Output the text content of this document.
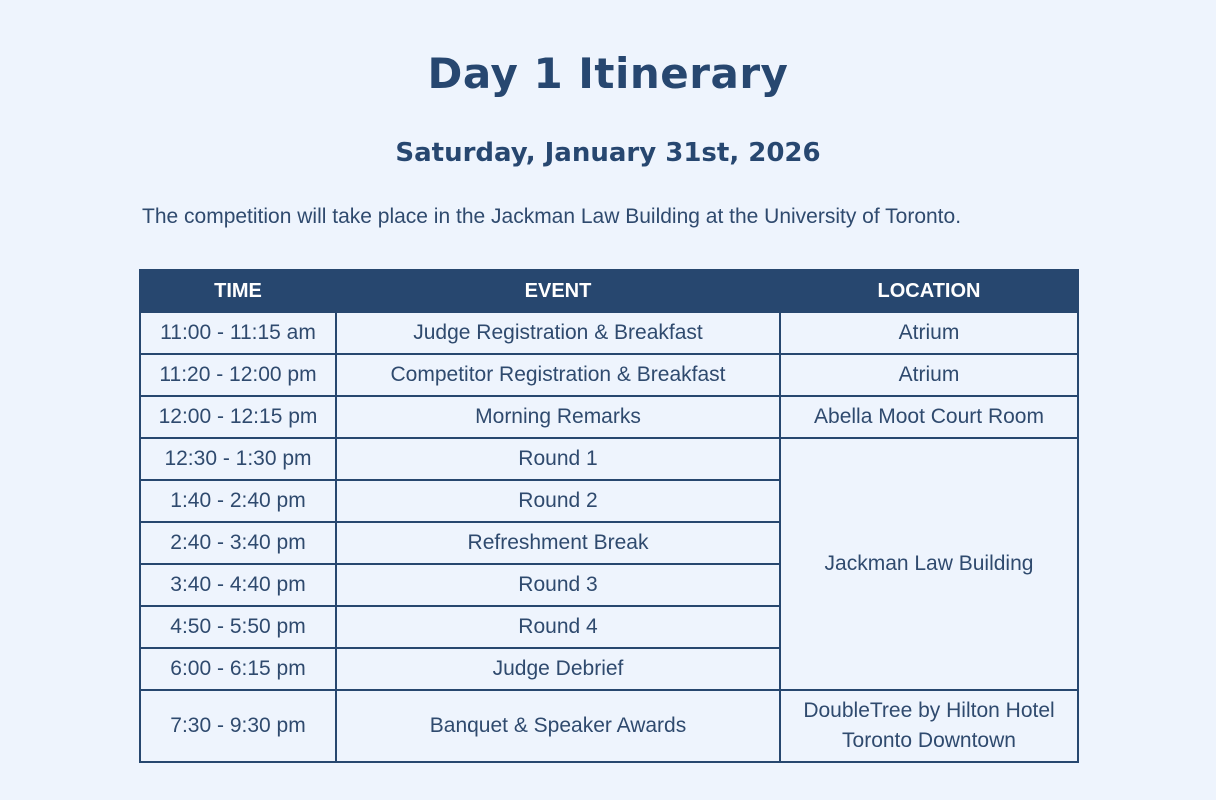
Day 1 Itinerary
Saturday, January 31st, 2026

The competition will take place in the Jackman Law Building at the University of Toronto.

TIME	EVENT	LOCATION
11:00 - 11:15 am	Judge Registration & Breakfast	Atrium
11:20 - 12:00 pm	Competitor Registration & Breakfast	Atrium
12:00 - 12:15 pm	Morning Remarks	Abella Moot Court Room
12:30 - 1:30 pm	Round 1	Jackman Law Building
1:40 - 2:40 pm	Round 2	
2:40 - 3:40 pm	Refreshment Break	
3:40 - 4:40 pm	Round 3	
4:50 - 5:50 pm	Round 4	
6:00 - 6:15 pm	Judge Debrief	
7:30 - 9:30 pm	Banquet & Speaker Awards	DoubleTree by Hilton Hotel
Toronto Downtown
